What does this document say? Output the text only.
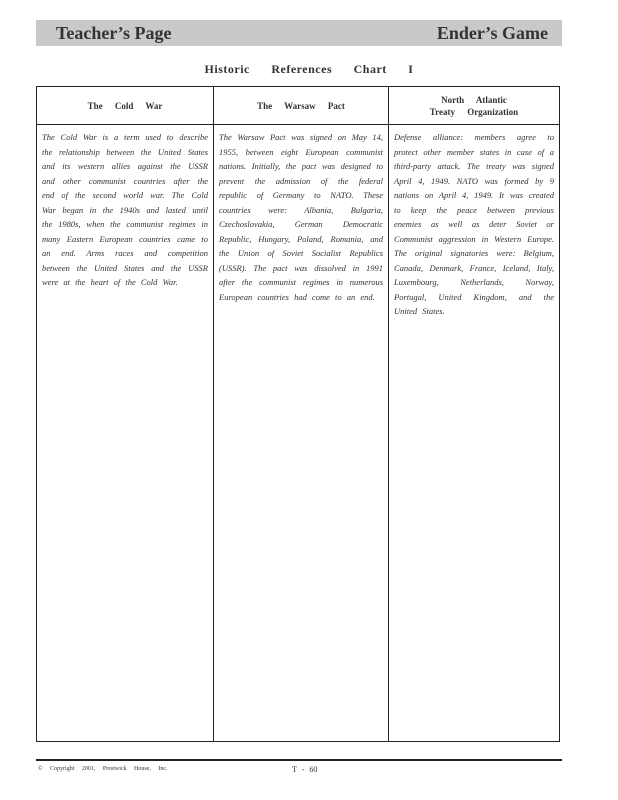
Teacher’s Page	Ender’s Game
Historic References Chart I
The Cold War
The Cold War is a term used to describe the relationship between the United States and its western allies against the USSR and other communist countries after the end of the second world war. The Cold War began in the 1940s and lasted until the 1980s, when the communist regimes in many Eastern European countries came to an end. Arms races and competition between the United States and the USSR were at the heart of the Cold War.
The Warsaw Pact
The Warsaw Pact was signed on May 14, 1955, between eight European communist nations. Initially, the pact was designed to prevent the admission of the federal republic of Germany to NATO. These countries were: Albania, Bulgaria, Czechoslovakia, German Democratic Republic, Hungary, Poland, Romania, and the Union of Soviet Socialist Republics (USSR). The pact was dissolved in 1991 after the communist regimes in numerous European countries had come to an end.
North Atlantic
Treaty Organization
Defense alliance: members agree to protect other member states in case of a third-party attack. The treaty was signed April 4, 1949. NATO was formed by 9 nations on April 4, 1949. It was created to keep the peace between previous enemies as well as deter Soviet or Communist aggression in Western Europe. The original signatories were: Belgium, Canada, Denmark, France, Iceland, Italy, Luxembourg, Netherlands, Norway, Portugal, United Kingdom, and the United States.
© Copyright 2001, Prestwick House, Inc.	T - 60
